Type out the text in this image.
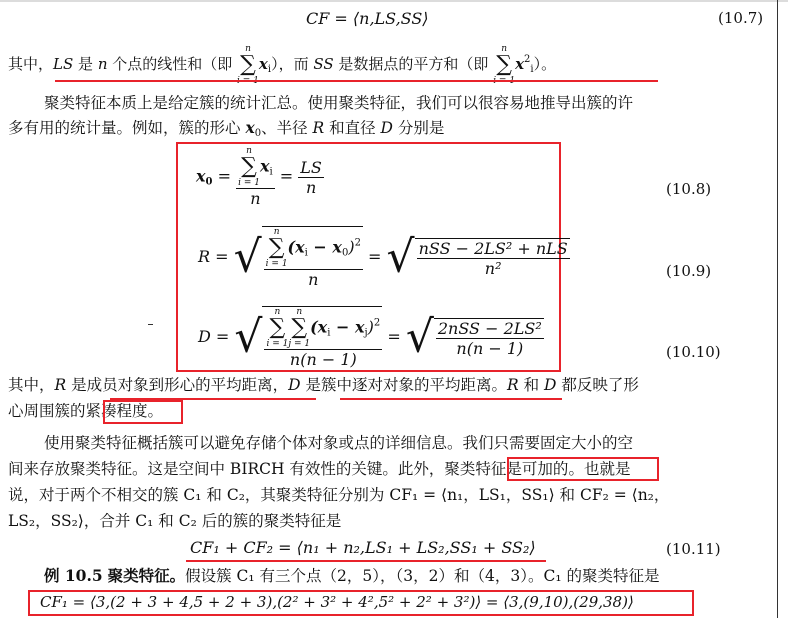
CF = ⟨n,LS,SS⟩	(10.7)
其中，LS 是 n 个点的线性和（即
n
∑ $x_i$），而 SS 是数据点的平方和（即
n
∑ $x^2_i$）。
聚类特征本质上是给定簇的统计汇总。使用聚类特征，我们可以很容易地推导出簇的许
多有用的统计量。例如，簇的形心 $x_0$、半径 R 和直径 D 分别是
$x_0 = n$
∑
i = 1
$x_i$
$n = \frac{LS}{n}$	(10.8)
R = √ n
∑
i = 1
$(x_i - x_0)^2$
n = √ $\frac{\text{nSS − 2LS² + nLS}}{\text{n²}}$	(10.9)
D = √ n
∑
i = 1
n
∑
j = 1
$(x_i - x_j)^2$
n(n − 1) = √ $\frac{\text{2nSS − 2LS²}}{n(n - 1)}$	(10.10)
其中，R 是成员对象到形心的平均距离，D 是簇中逐对对象的平均距离。R 和 D 都反映了形
心周围簇的紧凑程度。
使用聚类特征概括簇可以避免存储个体对象或点的详细信息。我们只需要固定大小的空
间来存放聚类特征。这是空间中 BIRCH 有效性的关键。此外，聚类特征是可加的。也就是
说，对于两个不相交的簇 C₁ 和 C₂，其聚类特征分别为 CF₁ = ⟨n₁，LS₁，SS₁⟩ 和 CF₂ = ⟨n₂，
LS₂，SS₂⟩，合并 C₁ 和 C₂ 后的簇的聚类特征是
CF₁ + CF₂ = ⟨n₁ + n₂,LS₁ + LS₂,SS₁ + SS₂⟩	(10.11)
例 10.5 聚类特征。假设簇 C₁ 有三个点（2，5），（3，2）和（4，3）。C₁ 的聚类特征是
CF₁ = ⟨3,(2 + 3 + 4,5 + 2 + 3),(2² + 3² + 4²,5² + 2² + 3²)⟩ = ⟨3,(9,10),(29,38)⟩
